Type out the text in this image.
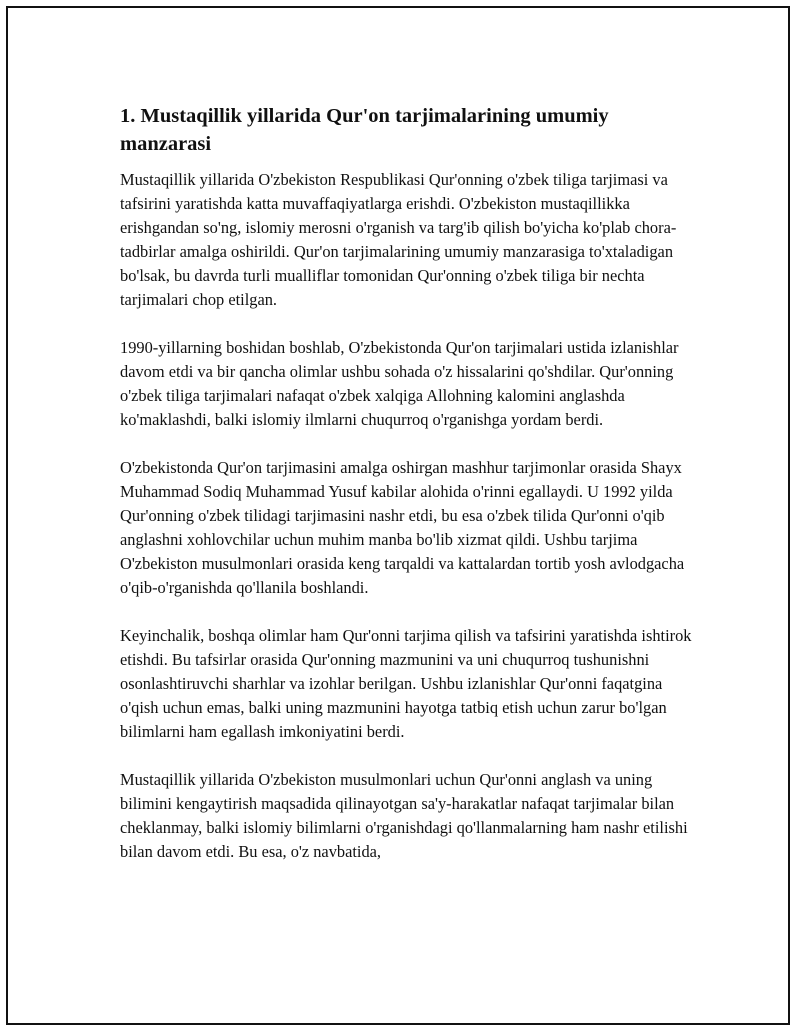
1. Mustaqillik yillarida Qur'on tarjimalarining umumiy manzarasi

Mustaqillik yillarida O'zbekiston Respublikasi Qur'onning o'zbek tiliga tarjimasi va tafsirini yaratishda katta muvaffaqiyatlarga erishdi. O'zbekiston mustaqillikka erishgandan so'ng, islomiy merosni o'rganish va targ'ib qilish bo'yicha ko'plab chora-tadbirlar amalga oshirildi. Qur'on tarjimalarining umumiy manzarasiga to'xtaladigan bo'lsak, bu davrda turli mualliflar tomonidan Qur'onning o'zbek tiliga bir nechta tarjimalari chop etilgan.

1990-yillarning boshidan boshlab, O'zbekistonda Qur'on tarjimalari ustida izlanishlar davom etdi va bir qancha olimlar ushbu sohada o'z hissalarini qo'shdilar. Qur'onning o'zbek tiliga tarjimalari nafaqat o'zbek xalqiga Allohning kalomini anglashda ko'maklashdi, balki islomiy ilmlarni chuqurroq o'rganishga yordam berdi.

O'zbekistonda Qur'on tarjimasini amalga oshirgan mashhur tarjimonlar orasida Shayx Muhammad Sodiq Muhammad Yusuf kabilar alohida o'rinni egallaydi. U 1992 yilda Qur'onning o'zbek tilidagi tarjimasini nashr etdi, bu esa o'zbek tilida Qur'onni o'qib anglashni xohlovchilar uchun muhim manba bo'lib xizmat qildi. Ushbu tarjima O'zbekiston musulmonlari orasida keng tarqaldi va kattalardan tortib yosh avlodgacha o'qib-o'rganishda qo'llanila boshlandi.

Keyinchalik, boshqa olimlar ham Qur'onni tarjima qilish va tafsirini yaratishda ishtirok etishdi. Bu tafsirlar orasida Qur'onning mazmunini va uni chuqurroq tushunishni osonlashtiruvchi sharhlar va izohlar berilgan. Ushbu izlanishlar Qur'onni faqatgina o'qish uchun emas, balki uning mazmunini hayotga tatbiq etish uchun zarur bo'lgan bilimlarni ham egallash imkoniyatini berdi.

Mustaqillik yillarida O'zbekiston musulmonlari uchun Qur'onni anglash va uning bilimini kengaytirish maqsadida qilinayotgan sa'y-harakatlar nafaqat tarjimalar bilan cheklanmay, balki islomiy bilimlarni o'rganishdagi qo'llanmalarning ham nashr etilishi bilan davom etdi. Bu esa, o'z navbatida,
